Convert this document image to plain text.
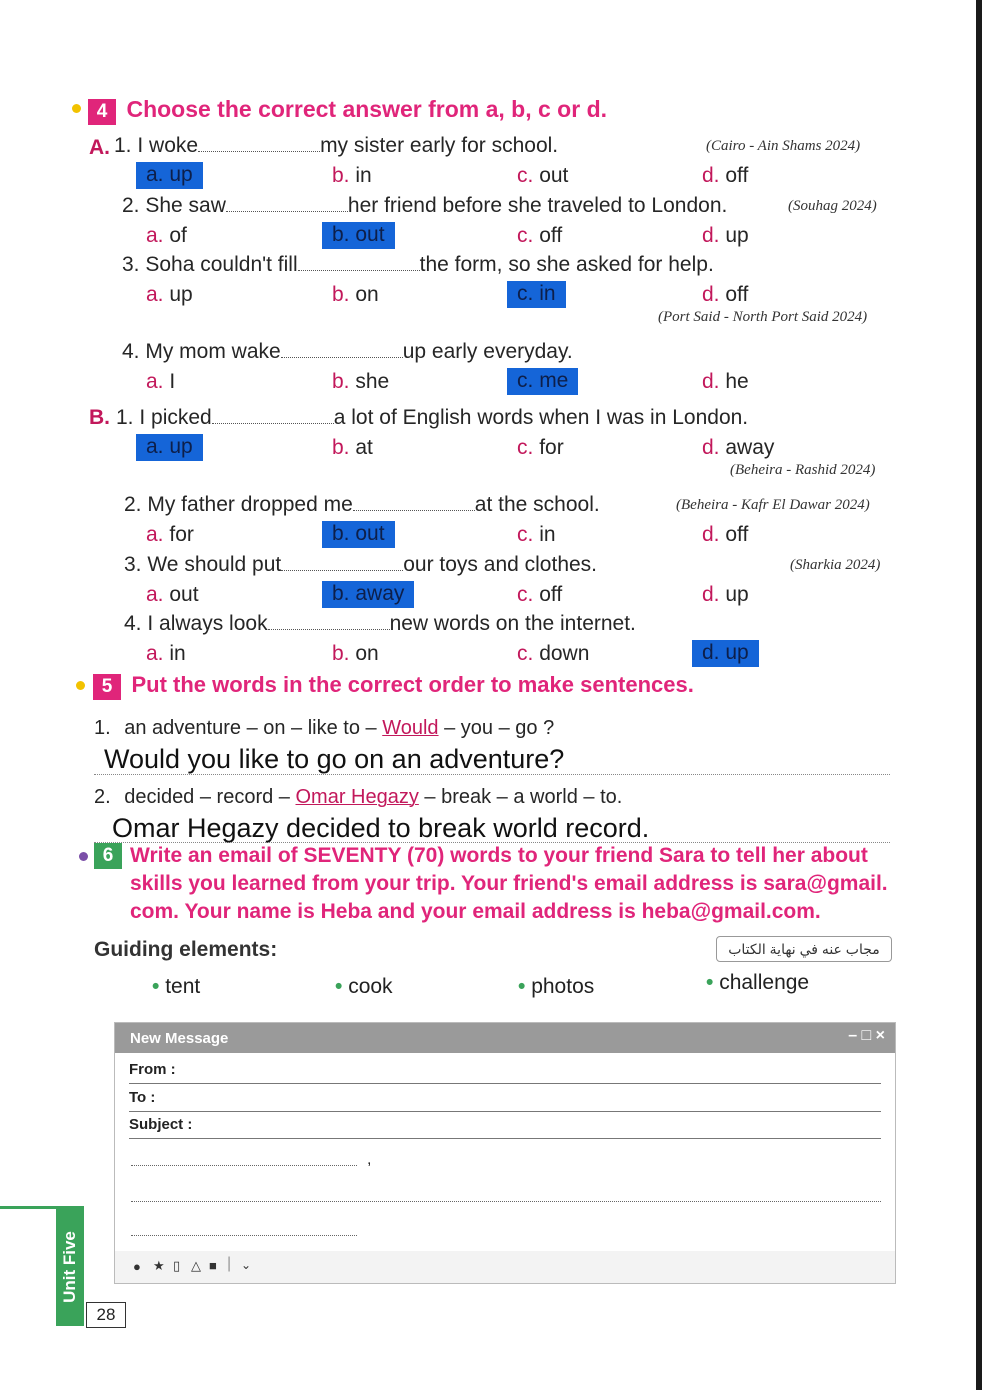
4 Choose the correct answer from a, b, c or d.
A.
B.
1. I woke	my sister early for school.	(Cairo - Ain Shams 2024)
a. up	b. in	c. out	d. off
2. She saw	her friend before she traveled to London.	(Souhag 2024)
a. of	b. out	c. off	d. up
3. Soha couldn't fill	the form, so she asked for help.
(Port Said - North Port Said 2024)
a. up	b. on	c. in	d. off
4. My mom wake	up early everyday.
a. I	b. she	c. me	d. he
1. I picked	a lot of English words when I was in London.
(Beheira - Rashid 2024)
a. up	b. at	c. for	d. away
2. My father dropped me	at the school.	(Beheira - Kafr El Dawar 2024)
a. for	b. out	c. in	d. off
3. We should put	our toys and clothes.	(Sharkia 2024)
a. out	b. away	c. off	d. up
4. I always look	new words on the internet.
a. in	b. on	c. down	d. up
5 Put the words in the correct order to make sentences.
1. an adventure – on – like to – Would – you – go ?
Would you like to go on an adventure?
2. decided – record – Omar Hegazy – break – a world – to.
Omar Hegazy decided to break world record.
6 Write an email of SEVENTY (70) words to your friend Sara to tell her about
skills you learned from your trip. Your friend's email address is sara@gmail.
com. Your name is Heba and your email address is heba@gmail.com.
Guiding elements:	مجاب عنه في نهاية الكتاب
• tent	• cook	• photos	• challenge
New Message	– □ ×
From :
To :
Subject :
,
● ★ ▯ △ ■ | ⌄
Unit Five
28
